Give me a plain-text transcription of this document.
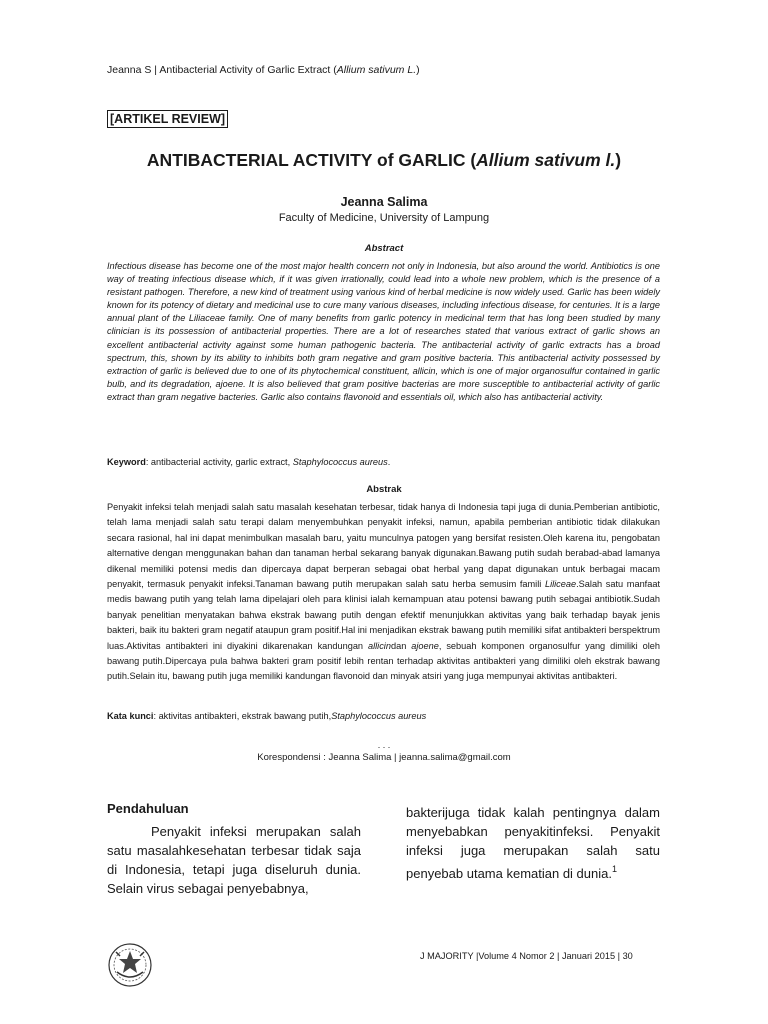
Jeanna S | Antibacterial Activity of Garlic Extract (Allium sativum L.)
[ARTIKEL REVIEW]
ANTIBACTERIAL ACTIVITY of GARLIC (Allium sativum l.)
Jeanna Salima
Faculty of Medicine, University of Lampung
Abstract
Infectious disease has become one of the most major health concern not only in Indonesia, but also around the world. Antibiotics is one way of treating infectious disease which, if it was given irrationally, could lead into a whole new problem, which is the presence of a resistant pathogen. Therefore, a new kind of treatment using various kind of herbal medicine is now widely used. Garlic has been widely known for its potency of dietary and medicinal use to cure many various diseases, including infectious disease, for centuries. It is a large annual plant of the Liliaceae family. One of many benefits from garlic potency in medicinal term that has long been studied by many clinician is its possession of antibacterial properties. There are a lot of researches stated that various extract of garlic shows an excellent antibacterial activity against some human pathogenic bacteria. The antibacterial activity of garlic extracts has a broad spectrum, this, shown by its ability to inhibits both gram negative and gram positive bacteria. This antibacterial activity possessed by extraction of garlic is believed due to one of its phytochemical constituent, allicin, which is one of major organosulfur contained in garlic bulb, and its degradation, ajoene. It is also believed that gram positive bacterias are more susceptible to antibacterial activity of garlic extract than gram negative bacteries. Garlic also contains flavonoid and essentials oil, which also has antibacterial activity.
Keyword: antibacterial activity, garlic extract, Staphylococcus aureus.
Abstrak
Penyakit infeksi telah menjadi salah satu masalah kesehatan terbesar, tidak hanya di Indonesia tapi juga di dunia.Pemberian antibiotic, telah lama menjadi salah satu terapi dalam menyembuhkan penyakit infeksi, namun, apabila pemberian antibiotic tidak dilakukan secara rasional, hal ini dapat menimbulkan masalah baru, yaitu munculnya patogen yang bersifat resisten.Oleh karena itu, pengobatan alternative dengan menggunakan bahan dan tanaman herbal sekarang banyak digunakan.Bawang putih sudah berabad-abad lamanya dikenal memiliki potensi medis dan dipercaya dapat berperan sebagai obat herbal yang dapat digunakan untuk berbagai macam penyakit, termasuk penyakit infeksi.Tanaman bawang putih merupakan salah satu herba semusim famili Liliceae.Salah satu manfaat medis bawang putih yang telah lama dipelajari oleh para klinisi ialah kemampuan atau potensi bawang putih sebagai antibiotik.Sudah banyak penelitian menyatakan bahwa ekstrak bawang putih dengan efektif menunjukkan aktivitas yang baik terhadap bayak jenis bakteri, baik itu bakteri gram negatif ataupun gram positif.Hal ini menjadikan ekstrak bawang putih memiliki sifat antibakteri berspektrum luas.Aktivitas antibakteri ini diyakini dikarenakan kandungan allicindan ajoene, sebuah komponen organosulfur yang dimiliki oleh bawang putih.Dipercaya pula bahwa bakteri gram positif lebih rentan terhadap aktivitas antibakteri yang dimiliki oleh ekstrak bawang putih.Selain itu, bawang putih juga memiliki kandungan flavonoid dan minyak atsiri yang juga mempunyai aktivitas antibakteri.
Kata kunci: aktivitas antibakteri, ekstrak bawang putih,Staphylococcus aureus
. . .
Korespondensi : Jeanna Salima | jeanna.salima@gmail.com
Pendahuluan
Penyakit infeksi merupakan salah satu masalahkesehatan terbesar tidak saja di Indonesia, tetapi juga diseluruh dunia. Selain virus sebagai penyebabnya,
bakterijuga tidak kalah pentingnya dalam menyebabkan penyakitinfeksi. Penyakit infeksi juga merupakan salah satu penyebab utama kematian di dunia.$^1$
J MAJORITY |Volume 4 Nomor 2 | Januari 2015 | 30
